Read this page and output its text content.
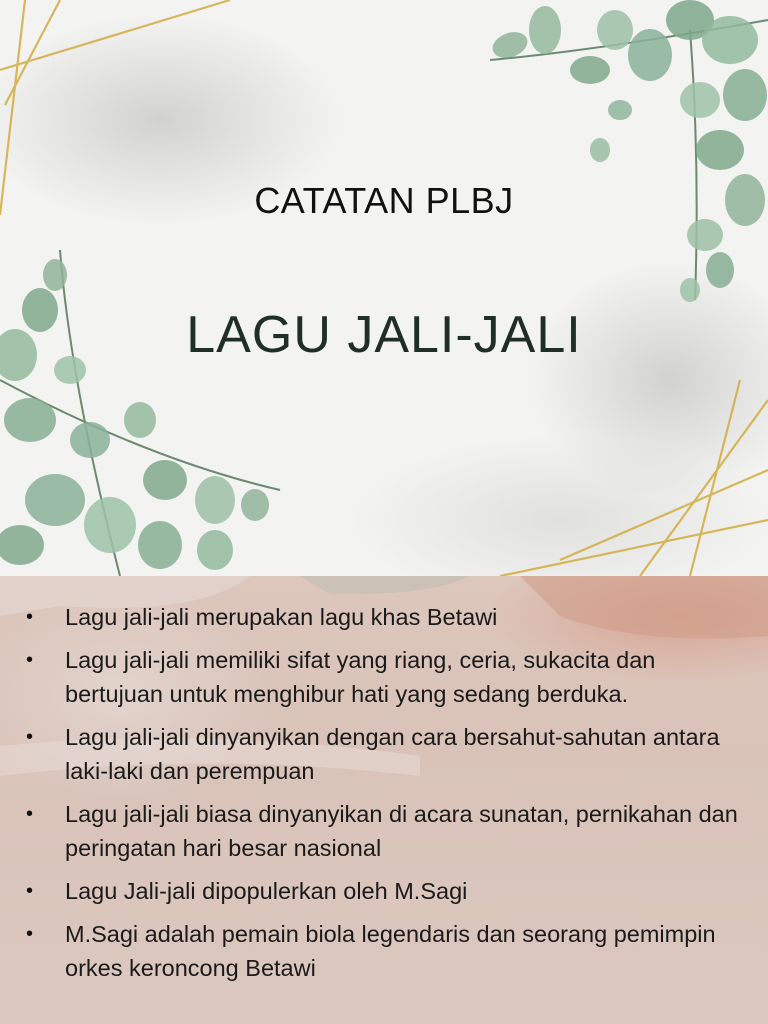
CATATAN PLBJ
LAGU JALI-JALI
• Lagu jali-jali merupakan lagu khas Betawi
• Lagu jali-jali memiliki sifat yang riang, ceria, sukacita dan bertujuan untuk menghibur hati yang sedang berduka.
• Lagu jali-jali dinyanyikan dengan cara bersahut-sahutan antara laki-laki dan perempuan
• Lagu jali-jali biasa dinyanyikan di acara sunatan, pernikahan dan peringatan hari besar nasional
• Lagu Jali-jali dipopulerkan oleh M.Sagi
• M.Sagi adalah pemain biola legendaris dan seorang pemimpin orkes keroncong Betawi
